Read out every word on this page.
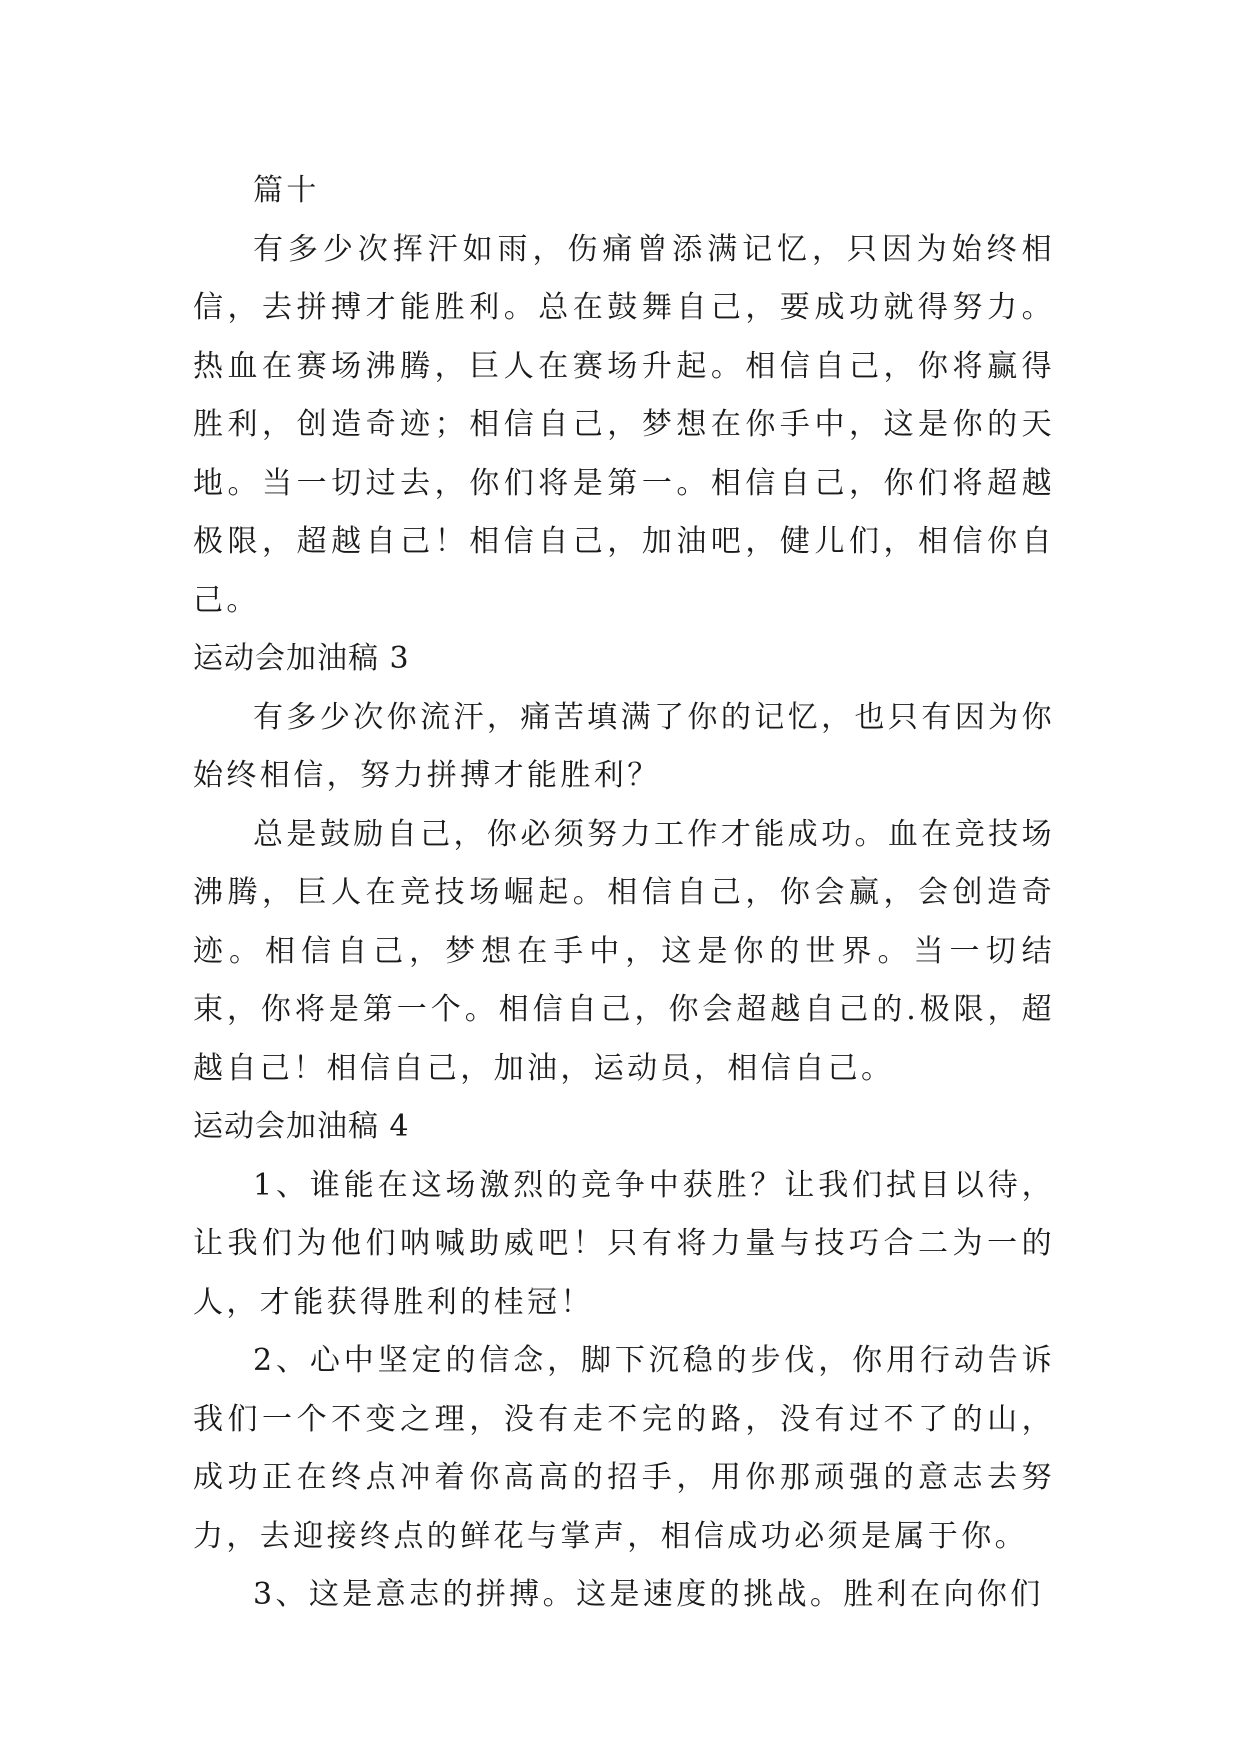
篇十

有多少次挥汗如雨，伤痛曾添满记忆，只因为始终相信，去拼搏才能胜利。总在鼓舞自己，要成功就得努力。热血在赛场沸腾，巨人在赛场升起。相信自己，你将赢得胜利，创造奇迹；相信自己，梦想在你手中，这是你的天地。当一切过去，你们将是第一。相信自己，你们将超越极限，超越自己！相信自己，加油吧，健儿们，相信你自己。

运动会加油稿 3

有多少次你流汗，痛苦填满了你的记忆，也只有因为你始终相信，努力拼搏才能胜利？

总是鼓励自己，你必须努力工作才能成功。血在竞技场沸腾，巨人在竞技场崛起。相信自己，你会赢，会创造奇迹。相信自己，梦想在手中，这是你的世界。当一切结束，你将是第一个。相信自己，你会超越自己的.极限，超越自己！相信自己，加油，运动员，相信自己。

运动会加油稿 4

1、谁能在这场激烈的竞争中获胜？让我们拭目以待，让我们为他们呐喊助威吧！只有将力量与技巧合二为一的人，才能获得胜利的桂冠！

2、心中坚定的信念，脚下沉稳的步伐，你用行动告诉我们一个不变之理，没有走不完的路，没有过不了的山，成功正在终点冲着你高高的招手，用你那顽强的意志去努力，去迎接终点的鲜花与掌声，相信成功必须是属于你。

3、这是意志的拼搏。这是速度的挑战。胜利在向你们
